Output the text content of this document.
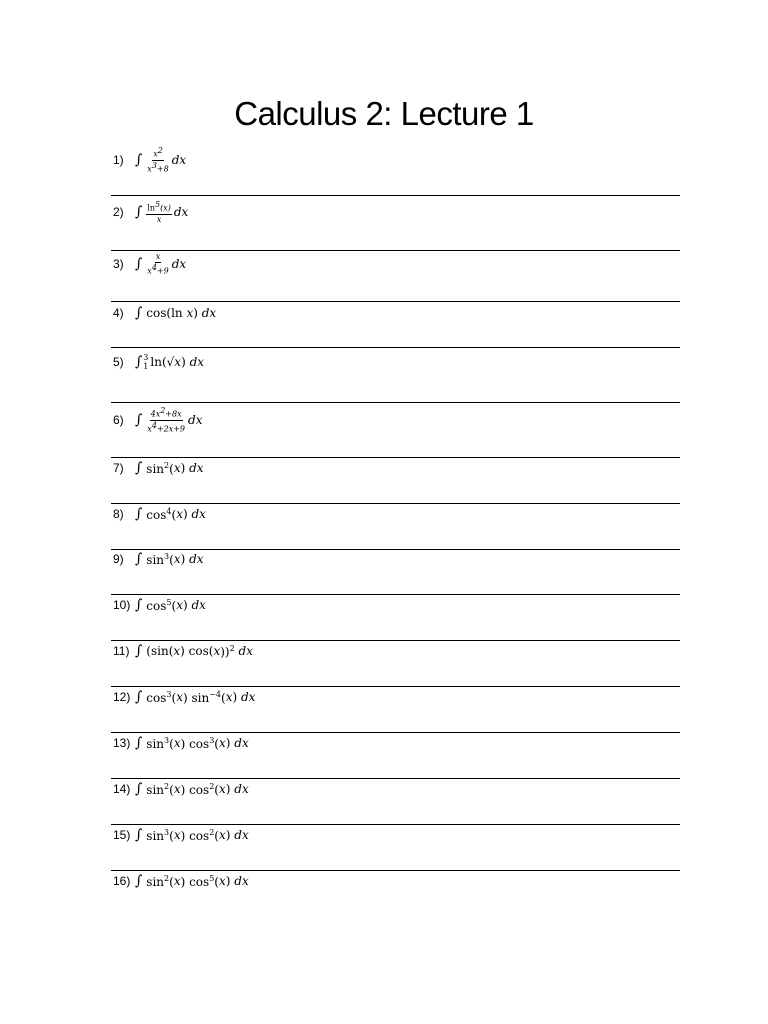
Calculus 2: Lecture 1
1) ∫ $\frac{x^2}{x^3+8}$ dx
2) ∫ $\frac{\ln^5(x)}{x}$ dx
3) ∫ $\frac{x}{x^4+9}$ dx
4) ∫ cos(ln x ) dx
5) ∫ 3
1 ln(√ x ) dx
6) ∫ $\frac{4x^2+8x}{x^4+2x+9}$ dx
7) ∫ $\sin^2$( x ) dx
8) ∫ $\cos^4$( x ) dx
9) ∫ $\sin^3$( x ) dx
10) ∫ $\cos^5$( x ) dx
11) ∫ (sin( x ) cos( x ))$^2$ dx
12) ∫ $\cos^3$( x ) $\sin^{-4}$( x ) dx
13) ∫ $\sin^3$( x ) $\cos^3$( x ) dx
14) ∫ $\sin^2$( x ) $\cos^2$( x ) dx
15) ∫ $\sin^3$( x ) $\cos^2$( x ) dx
16) ∫ $\sin^2$( x ) $\cos^5$( x ) dx
